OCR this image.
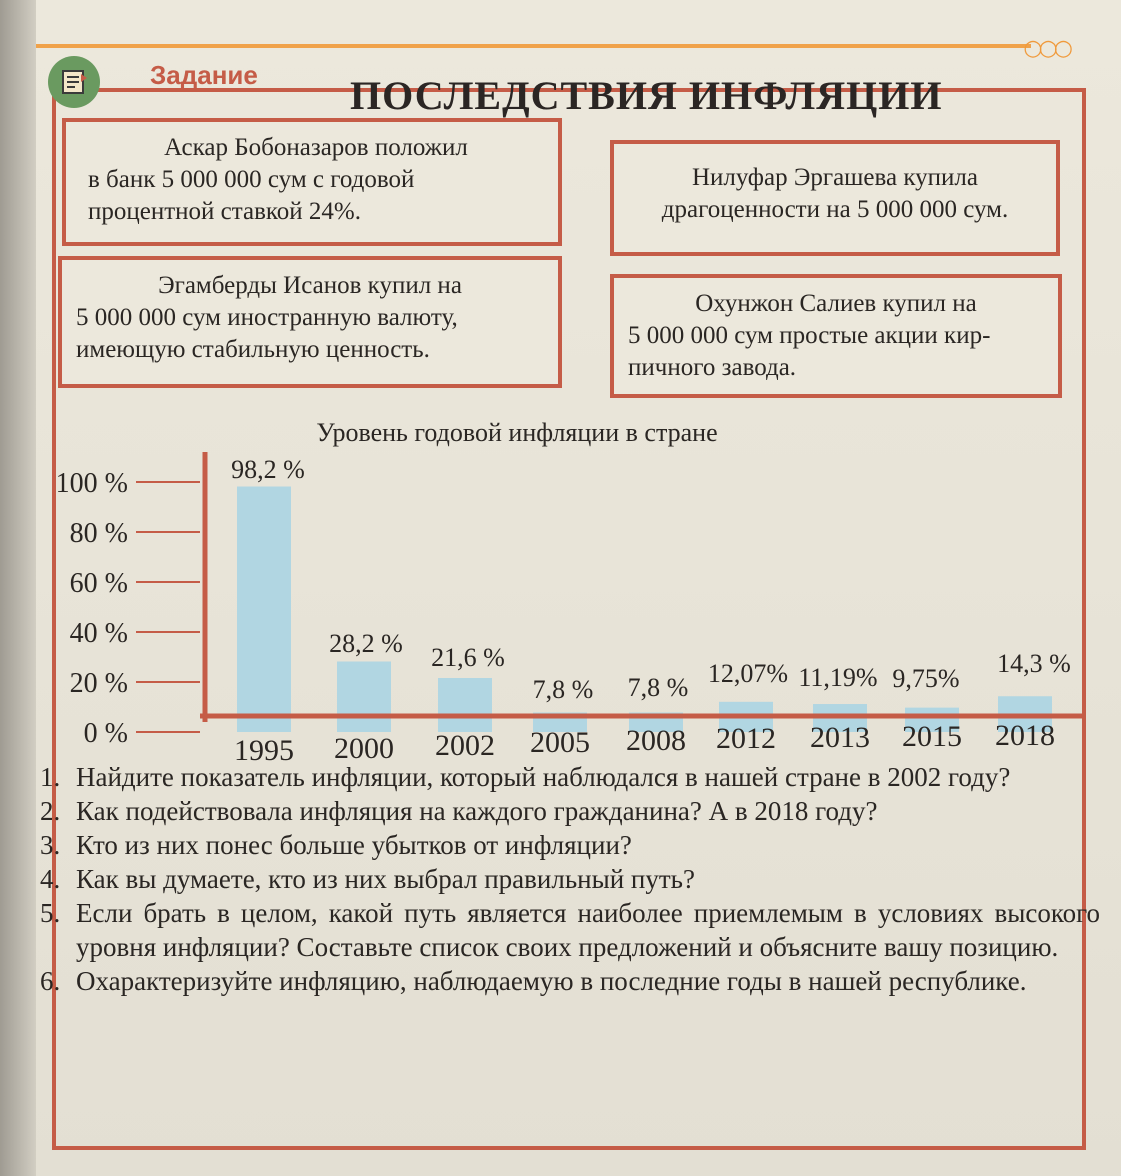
○○○
Задание ПОСЛЕДСТВИЯ ИНФЛЯЦИИ
Аскар Бобоназаров положил
в банк 5 000 000 сум с годовой
процентной ставкой 24%.
Нилуфар Эргашева купила
драгоценности на 5 000 000 сум.
Эгамберды Исанов купил на
5 000 000 сум иностранную валюту,
имеющую стабильную ценность.
Охунжон Салиев купил на
5 000 000 сум простые акции кир-
пичного завода.
Уровень годовой инфляции в стране
0 %
20 %
40 %
60 %
80 %
100 %	98,2 %
28,2 % 21,6 %
7,8 % 7,8 % 12,07% 11,19% 9,75%
14,3 %
1995 2000 2002 2005 2008 2012 2013 2015 2018
1. Найдите показатель инфляции, который наблюдался в нашей стране в 2002 году?
2. Как подействовала инфляция на каждого гражданина? А в 2018 году?
3. Кто из них понес больше убытков от инфляции?
4. Как вы думаете, кто из них выбрал правильный путь?
5. Если брать в целом, какой путь является наиболее приемлемым в условиях высокого уровня инфляции? Составьте список своих предложений и объясните вашу позицию.
6. Охарактеризуйте инфляцию, наблюдаемую в последние годы в нашей республике.
